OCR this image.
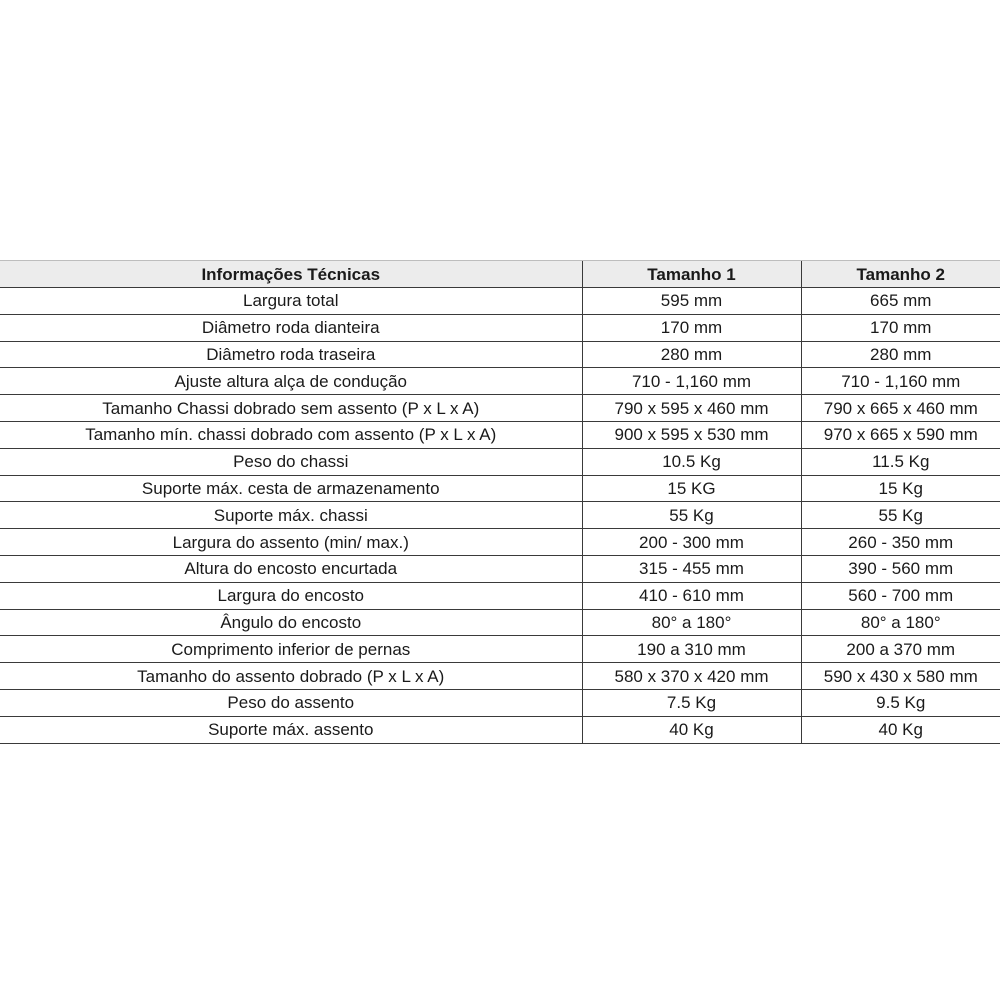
Informações Técnicas	Tamanho 1	Tamanho 2
Largura total	595 mm	665 mm
Diâmetro roda dianteira	170 mm	170 mm
Diâmetro roda traseira	280 mm	280 mm
Ajuste altura alça de condução	710 - 1,160 mm	710 - 1,160 mm
Tamanho Chassi dobrado sem assento (P x L x A)	790 x 595 x 460 mm	790 x 665 x 460 mm
Tamanho mín. chassi dobrado com assento (P x L x A)	900 x 595 x 530 mm	970 x 665 x 590 mm
Peso do chassi	10.5 Kg	11.5 Kg
Suporte máx. cesta de armazenamento	15 KG	15 Kg
Suporte máx. chassi	55 Kg	55 Kg
Largura do assento (min/ max.)	200 - 300 mm	260 - 350 mm
Altura do encosto encurtada	315 - 455 mm	390 - 560 mm
Largura do encosto	410 - 610 mm	560 - 700 mm
Ângulo do encosto	80° a 180°	80° a 180°
Comprimento inferior de pernas	190 a 310 mm	200 a 370 mm
Tamanho do assento dobrado (P x L x A)	580 x 370 x 420 mm	590 x 430 x 580 mm
Peso do assento	7.5 Kg	9.5 Kg
Suporte máx. assento	40 Kg	40 Kg
